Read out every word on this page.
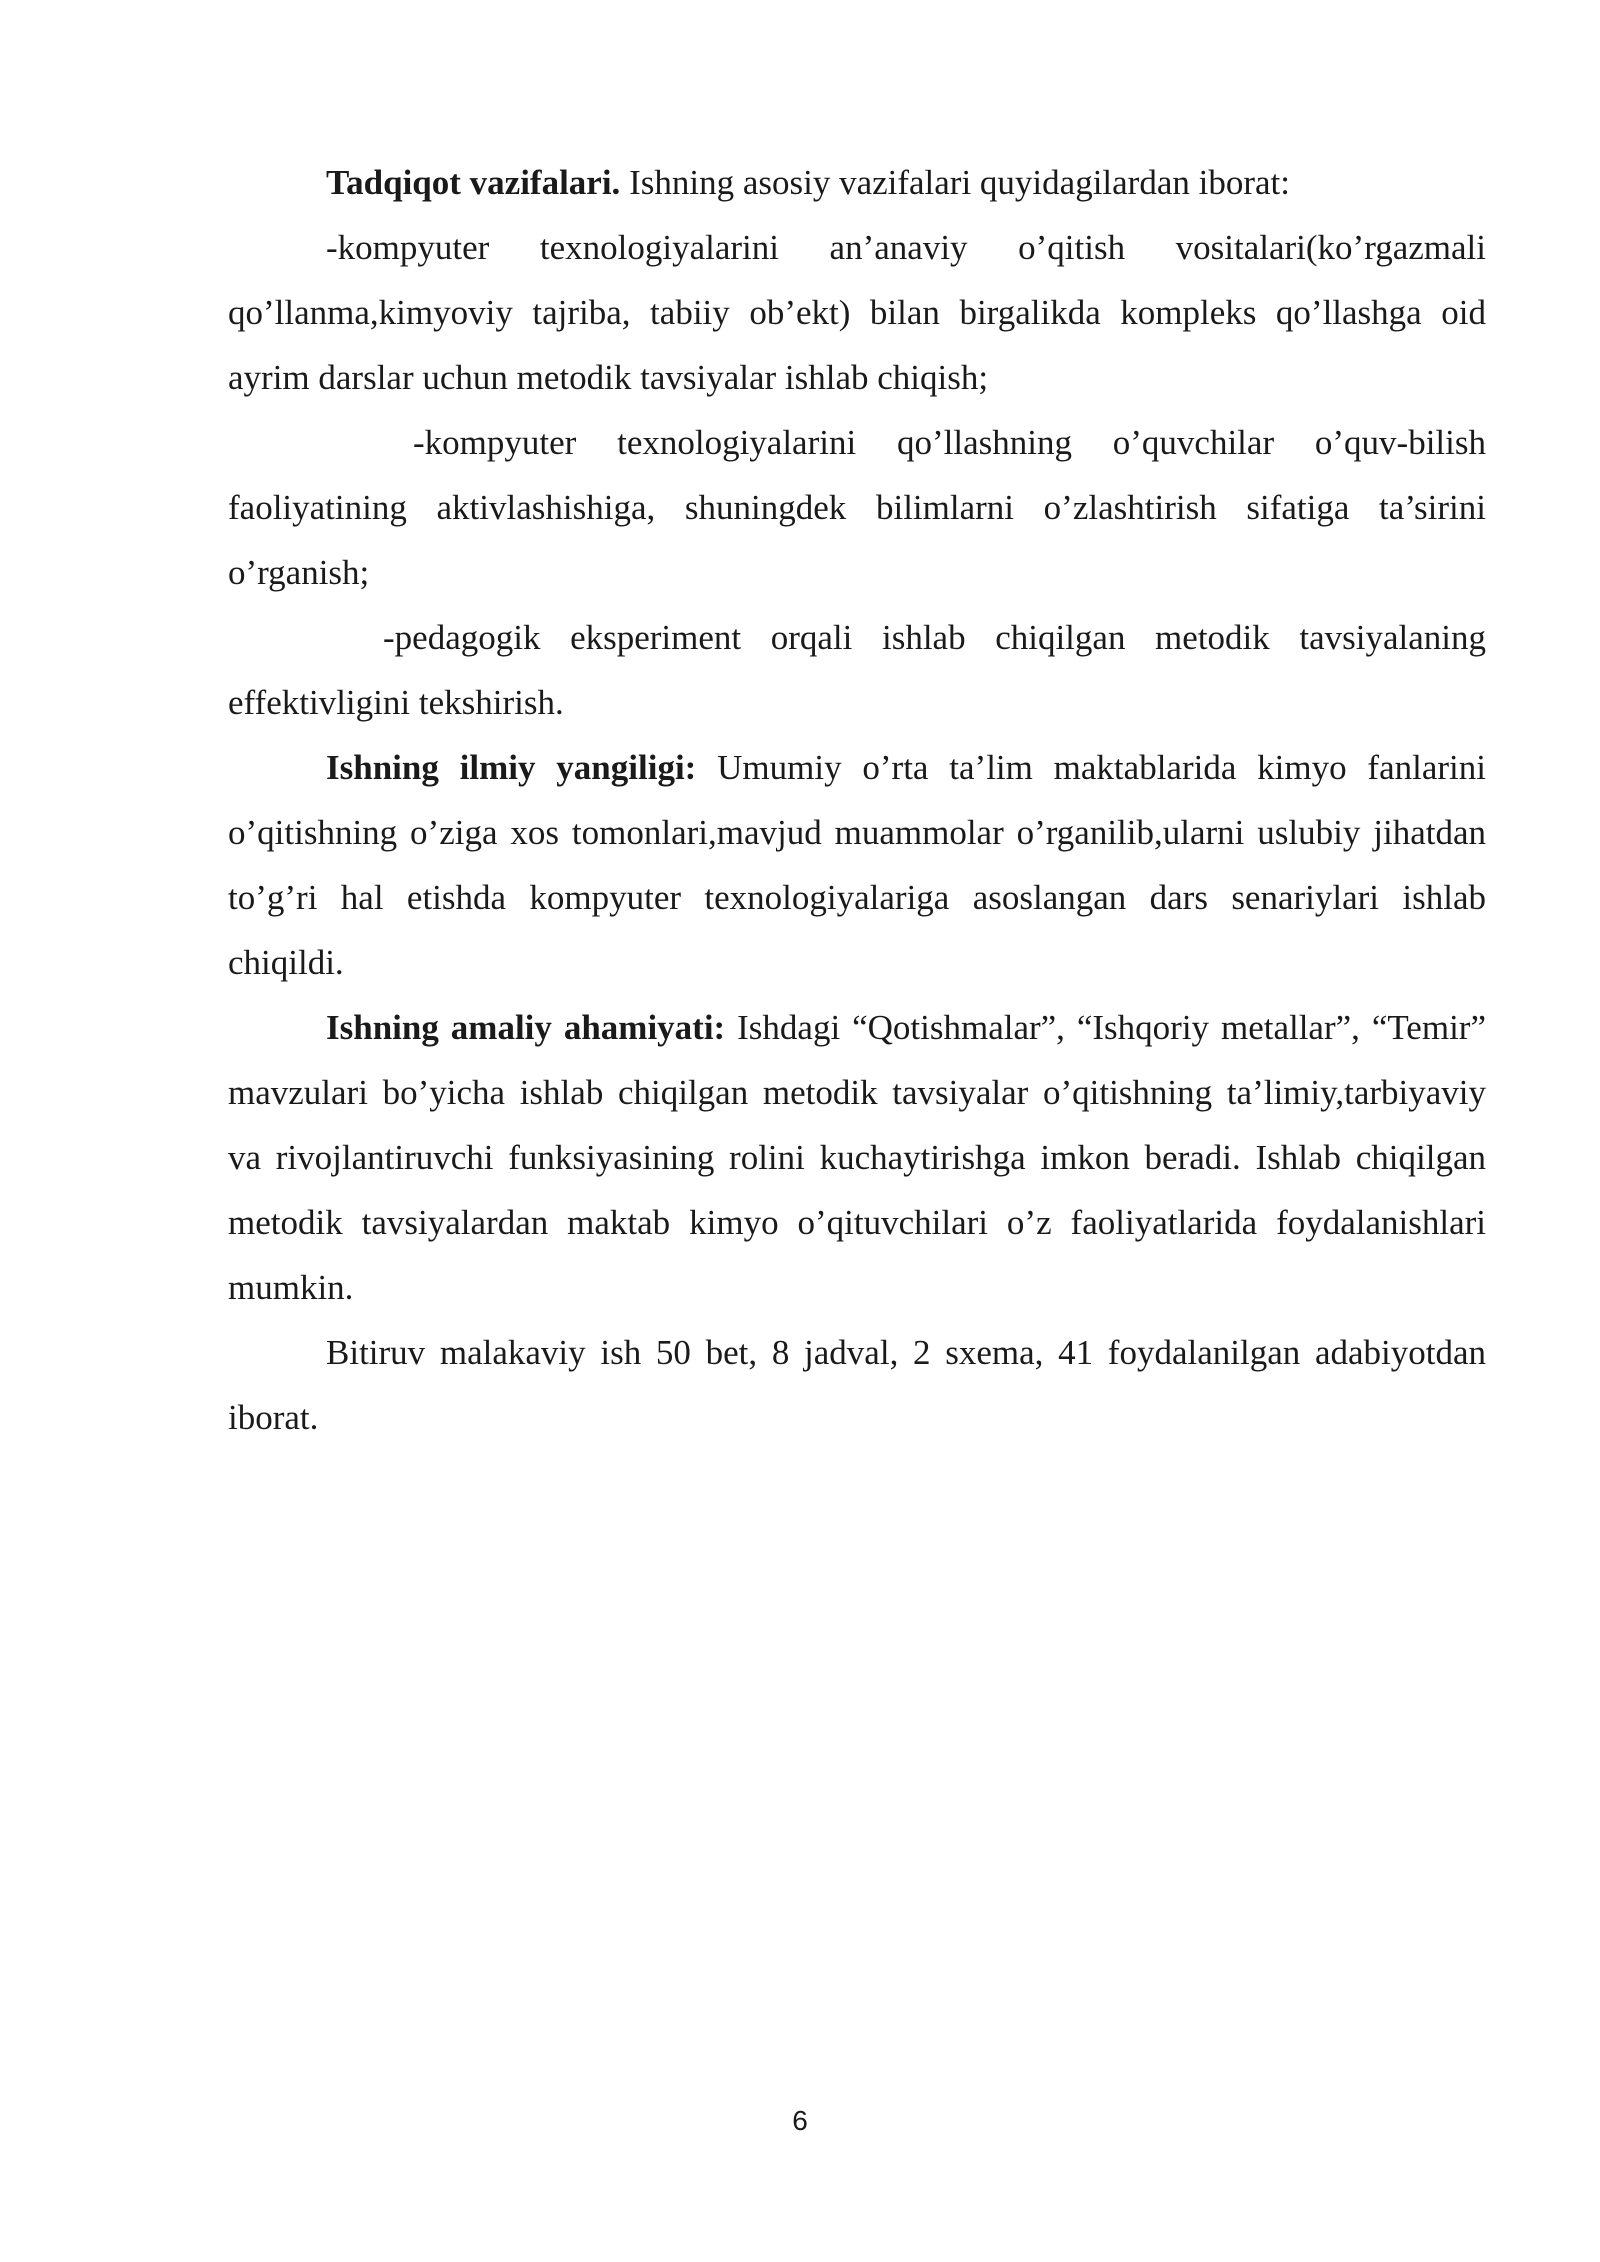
Tadqiqot vazifalari. Ishning asosiy vazifalari quyidagilardan iborat:

-kompyuter texnologiyalarini an’anaviy o’qitish vositalari(ko’rgazmali qo’llanma,kimyoviy tajriba, tabiiy ob’ekt) bilan birgalikda kompleks qo’llashga oid ayrim darslar uchun metodik tavsiyalar ishlab chiqish;

-kompyuter texnologiyalarini qo’llashning o’quvchilar o’quv-bilish faoliyatining aktivlashishiga, shuningdek bilimlarni o’zlashtirish sifatiga ta’sirini o’rganish;

-pedagogik eksperiment orqali ishlab chiqilgan metodik tavsiyalaning effektivligini tekshirish.

Ishning ilmiy yangiligi: Umumiy o’rta ta’lim maktablarida kimyo fanlarini o’qitishning o’ziga xos tomonlari,mavjud muammolar o’rganilib,ularni uslubiy jihatdan to’g’ri hal etishda kompyuter texnologiyalariga asoslangan dars senariylari ishlab chiqildi.

Ishning amaliy ahamiyati: Ishdagi “Qotishmalar”, “Ishqoriy metallar”, “Temir” mavzulari bo’yicha ishlab chiqilgan metodik tavsiyalar o’qitishning ta’limiy,tarbiyaviy va rivojlantiruvchi funksiyasining rolini kuchaytirishga imkon beradi. Ishlab chiqilgan metodik tavsiyalardan maktab kimyo o’qituvchilari o’z faoliyatlarida foydalanishlari mumkin.

Bitiruv malakaviy ish 50 bet, 8 jadval, 2 sxema, 41 foydalanilgan adabiyotdan iborat.

6
